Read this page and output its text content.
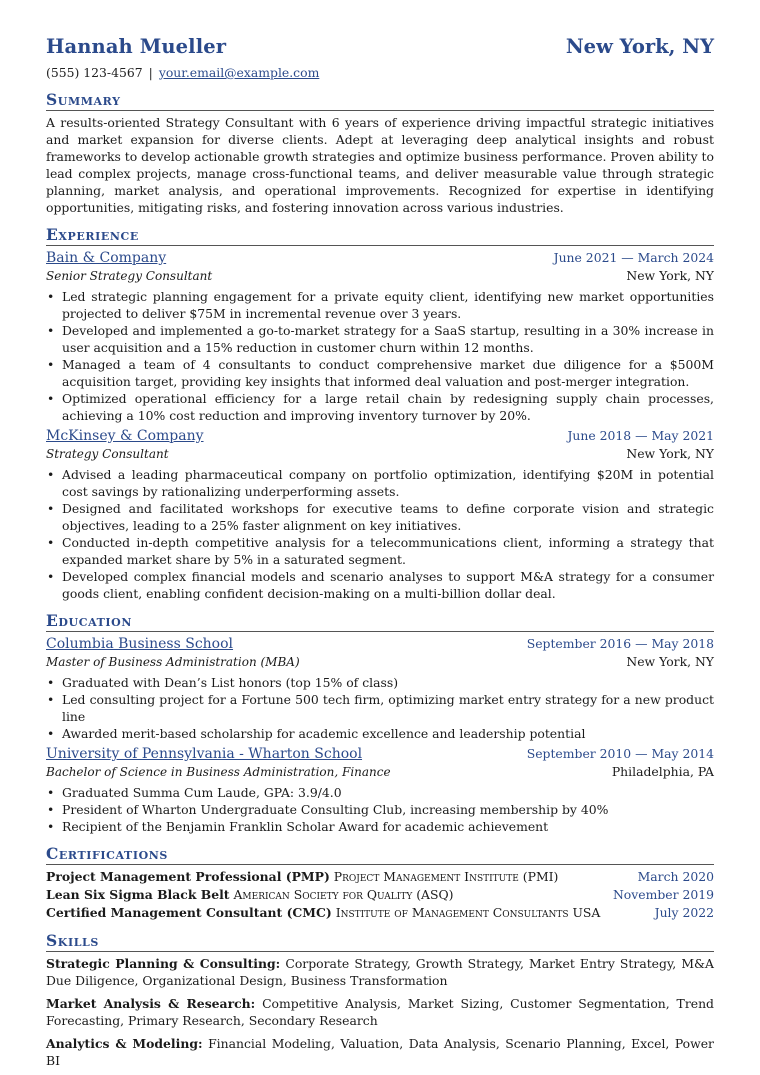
Hannah Mueller	New York, NY
(555) 123-4567 | your.email@example.com
Summary
A results-oriented Strategy Consultant with 6 years of experience driving impactful strategic initiatives and market expansion for diverse clients. Adept at leveraging deep analytical insights and robust frameworks to develop actionable growth strategies and optimize business performance. Proven ability to lead complex projects, manage cross-functional teams, and deliver measurable value through strategic planning, market analysis, and operational improvements. Recognized for expertise in identifying opportunities, mitigating risks, and fostering innovation across various industries.
Experience
Bain & Company	June 2021 — March 2024
Senior Strategy Consultant	New York, NY
• Led strategic planning engagement for a private equity client, identifying new market opportunities projected to deliver $75M in incremental revenue over 3 years.
• Developed and implemented a go-to-market strategy for a SaaS startup, resulting in a 30% increase in user acquisition and a 15% reduction in customer churn within 12 months.
• Managed a team of 4 consultants to conduct comprehensive market due diligence for a $500M acquisition target, providing key insights that informed deal valuation and post-merger integration.
• Optimized operational efficiency for a large retail chain by redesigning supply chain processes, achieving a 10% cost reduction and improving inventory turnover by 20%.
McKinsey & Company	June 2018 — May 2021
Strategy Consultant	New York, NY
• Advised a leading pharmaceutical company on portfolio optimization, identifying $20M in potential cost savings by rationalizing underperforming assets.
• Designed and facilitated workshops for executive teams to define corporate vision and strategic objectives, leading to a 25% faster alignment on key initiatives.
• Conducted in-depth competitive analysis for a telecommunications client, informing a strategy that expanded market share by 5% in a saturated segment.
• Developed complex financial models and scenario analyses to support M&A strategy for a consumer goods client, enabling confident decision-making on a multi-billion dollar deal.
Education
Columbia Business School	September 2016 — May 2018
Master of Business Administration (MBA)	New York, NY
• Graduated with Dean’s List honors (top 15% of class)
• Led consulting project for a Fortune 500 tech firm, optimizing market entry strategy for a new product line
• Awarded merit-based scholarship for academic excellence and leadership potential
University of Pennsylvania - Wharton School	September 2010 — May 2014
Bachelor of Science in Business Administration, Finance	Philadelphia, PA
• Graduated Summa Cum Laude, GPA: 3.9/4.0
• President of Wharton Undergraduate Consulting Club, increasing membership by 40%
• Recipient of the Benjamin Franklin Scholar Award for academic achievement
Certifications
Project Management Professional (PMP) Project Management Institute (PMI)	March 2020
Lean Six Sigma Black Belt American Society for Quality (ASQ)	November 2019
Certified Management Consultant (CMC) Institute of Management Consultants USA	July 2022
Skills
Strategic Planning & Consulting: Corporate Strategy, Growth Strategy, Market Entry Strategy, M&A Due Diligence, Organizational Design, Business Transformation
Market Analysis & Research: Competitive Analysis, Market Sizing, Customer Segmentation, Trend Forecasting, Primary Research, Secondary Research
Analytics & Modeling: Financial Modeling, Valuation, Data Analysis, Scenario Planning, Excel, Power BI
